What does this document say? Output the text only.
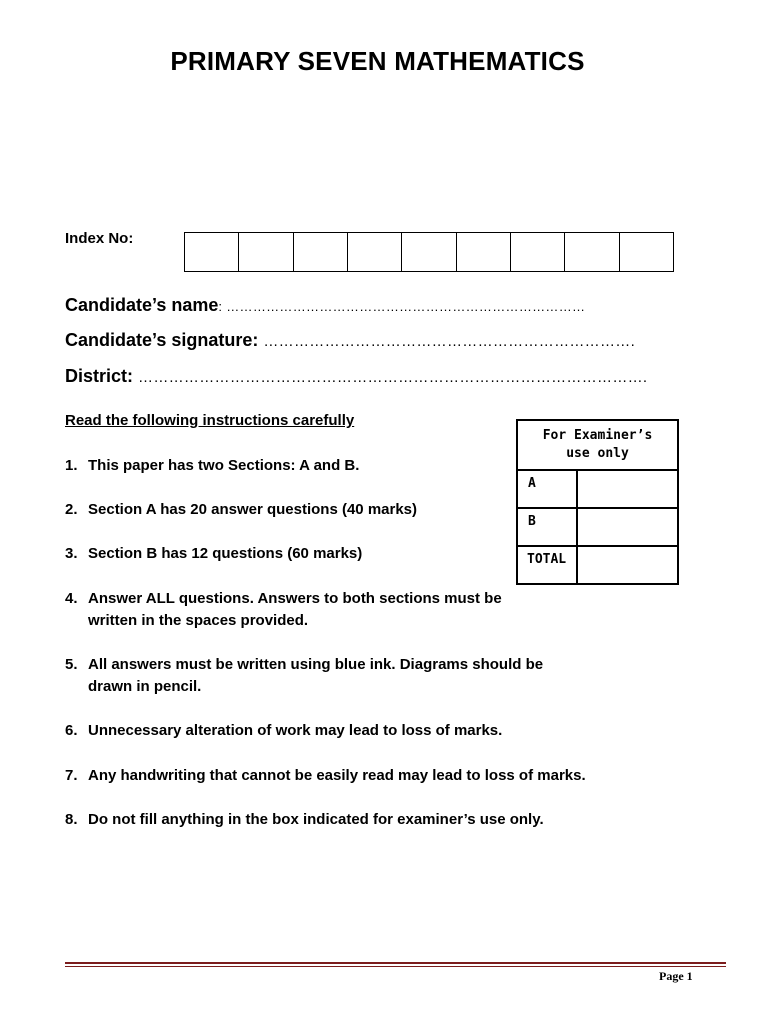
PRIMARY SEVEN MATHEMATICS
Index No:
Candidate’s name: ………………………………………………………………………
Candidate’s signature: ……………………………………………………………….
District: ……………………………………………………………………………………….
Read the following instructions carefully
1. This paper has two Sections: A and B.
2. Section A has 20 answer questions (40 marks)
3. Section B has 12 questions (60 marks)
4. Answer ALL questions. Answers to both sections must be written in the spaces provided.
5. All answers must be written using blue ink. Diagrams should be drawn in pencil.
6. Unnecessary alteration of work may lead to loss of marks.
7. Any handwriting that cannot be easily read may lead to loss of marks.
8. Do not fill anything in the box indicated for examiner’s use only.
For Examiner’s use only
A
B
TOTAL
Page 1
